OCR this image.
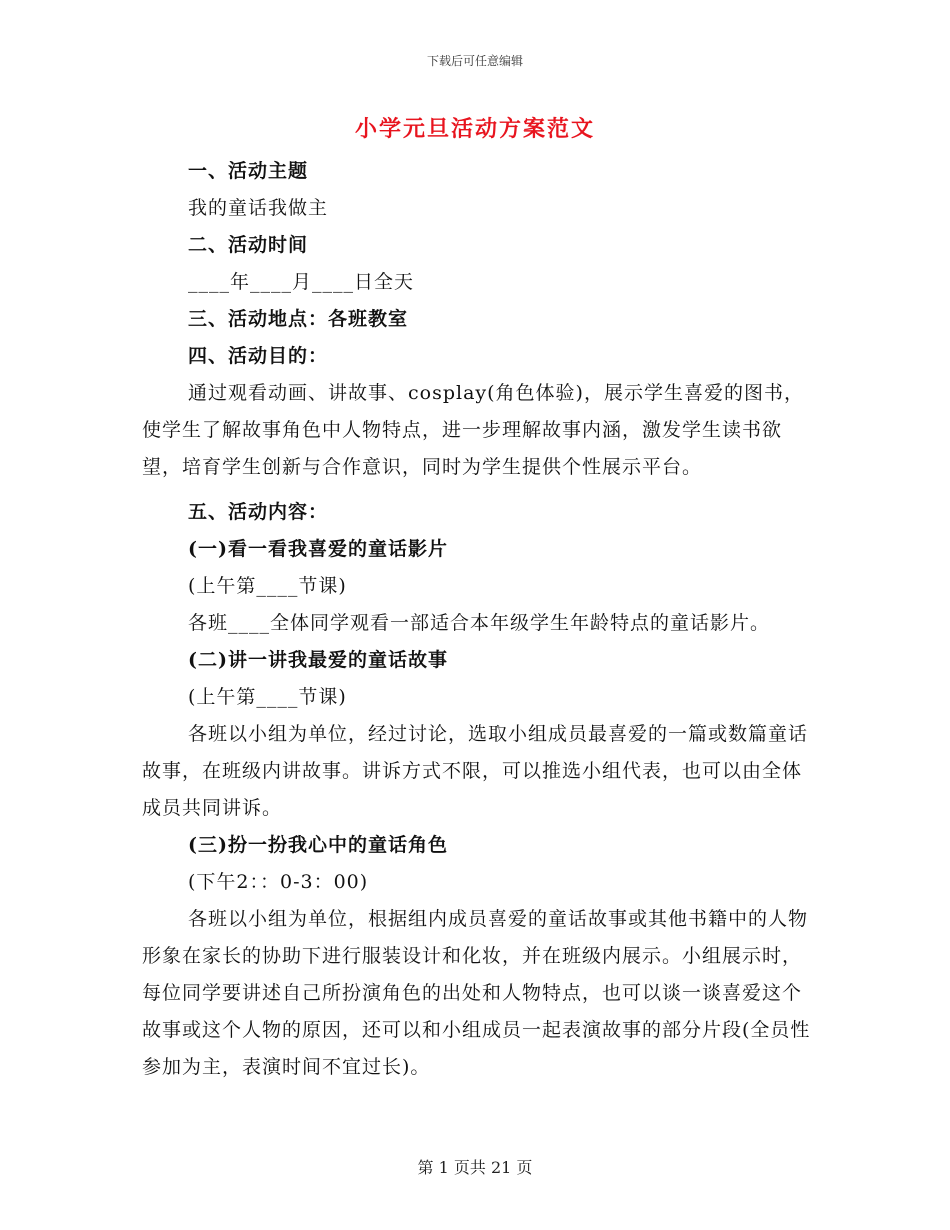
下载后可任意编辑
小学元旦活动方案范文

一、活动主题

我的童话我做主

二、活动时间

____年____月____日全天

三、活动地点：各班教室

四、活动目的：

通过观看动画、讲故事、cosplay(角色体验)，展示学生喜爱的图书，使学生了解故事角色中人物特点，进一步理解故事内涵，激发学生读书欲望，培育学生创新与合作意识，同时为学生提供个性展示平台。

五、活动内容：

(一)看一看我喜爱的童话影片

(上午第____节课)

各班____全体同学观看一部适合本年级学生年龄特点的童话影片。

(二)讲一讲我最爱的童话故事

(上午第____节课)

各班以小组为单位，经过讨论，选取小组成员最喜爱的一篇或数篇童话故事，在班级内讲故事。讲诉方式不限，可以推选小组代表，也可以由全体成员共同讲诉。

(三)扮一扮我心中的童话角色

(下午2：：0-3：00)

各班以小组为单位，根据组内成员喜爱的童话故事或其他书籍中的人物形象在家长的协助下进行服装设计和化妆，并在班级内展示。小组展示时，每位同学要讲述自己所扮演角色的出处和人物特点，也可以谈一谈喜爱这个故事或这个人物的原因，还可以和小组成员一起表演故事的部分片段(全员性参加为主，表演时间不宜过长)。

第 1 页共 21 页
